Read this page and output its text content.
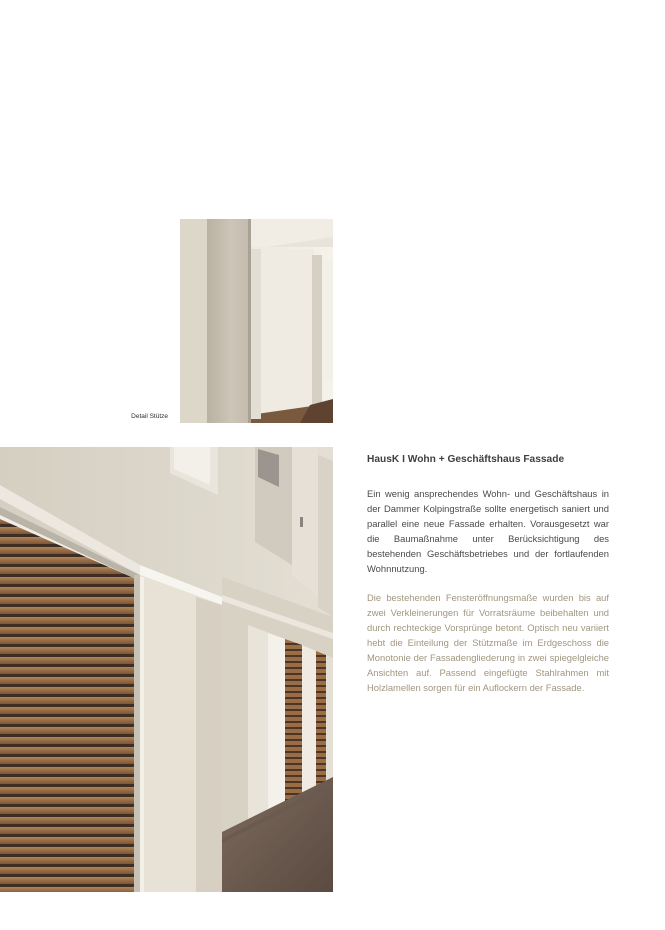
Detail Stütze
HausK I Wohn + Geschäftshaus Fassade

Ein wenig ansprechendes Wohn- und Geschäftshaus in der Dammer Kolpingstraße sollte energetisch saniert und parallel eine neue Fassade erhalten. Vorausgesetzt war die Baumaßnahme unter Berücksichtigung des bestehenden Geschäftsbetriebes und der fortlaufenden Wohnnutzung.

Die bestehenden Fensteröffnungsmaße wurden bis auf zwei Verkleinerungen für Vorratsräume beibehalten und durch rechteckige Vorsprünge betont. Optisch neu variiert hebt die Einteilung der Stützmaße im Erdgeschoss die Monotonie der Fassadengliederung in zwei spiegelgleiche Ansichten auf. Passend eingefügte Stahlrahmen mit Holzlamellen sorgen für ein Auflockern der Fassade.
